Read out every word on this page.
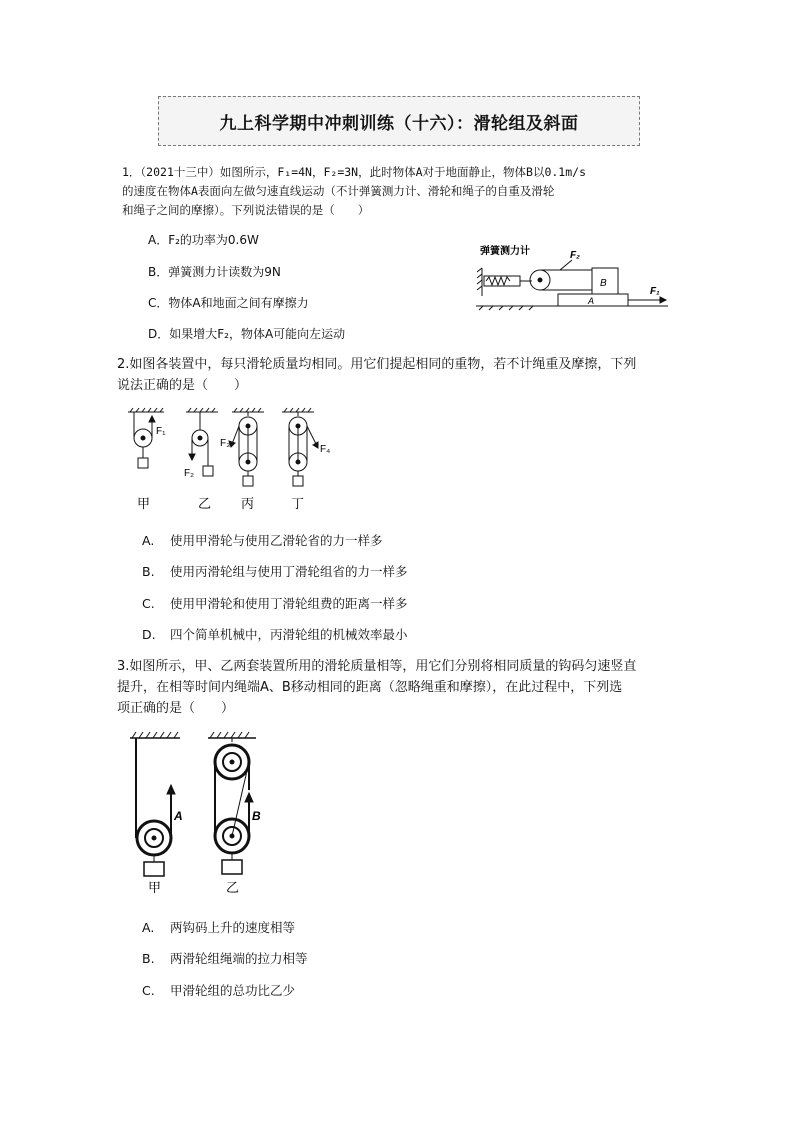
九上科学期中冲刺训练（十六）：滑轮组及斜面
1．（2021十三中）如图所示，F₁=4N，F₂=3N，此时物体A对于地面静止，物体B以0.1m/s
的速度在物体A表面向左做匀速直线运动（不计弹簧测力计、滑轮和绳子的自重及滑轮
和绳子之间的摩擦）。下列说法错误的是（　　）
A．F₂的功率为0.6W
B．弹簧测力计读数为9N
C．物体A和地面之间有摩擦力
D．如果增大F₂，物体A可能向左运动
弹簧测力计	F₂
B
A
F₁
2.如图各装置中，每只滑轮质量均相同。用它们提起相同的重物，若不计绳重及摩擦，下列
说法正确的是（　　）
F₁
F₂
F₃
F₄
甲	乙 丙	丁
A. 使用甲滑轮与使用乙滑轮省的力一样多
B. 使用丙滑轮组与使用丁滑轮组省的力一样多
C. 使用甲滑轮和使用丁滑轮组费的距离一样多
D. 四个简单机械中，丙滑轮组的机械效率最小
3.如图所示，甲、乙两套装置所用的滑轮质量相等，用它们分别将相同质量的钩码匀速竖直
提升，在相等时间内绳端A、B移动相同的距离（忽略绳重和摩擦），在此过程中，下列选
项正确的是（　　）
A	B
甲	乙
A. 两钩码上升的速度相等
B. 两滑轮组绳端的拉力相等
C. 甲滑轮组的总功比乙少
